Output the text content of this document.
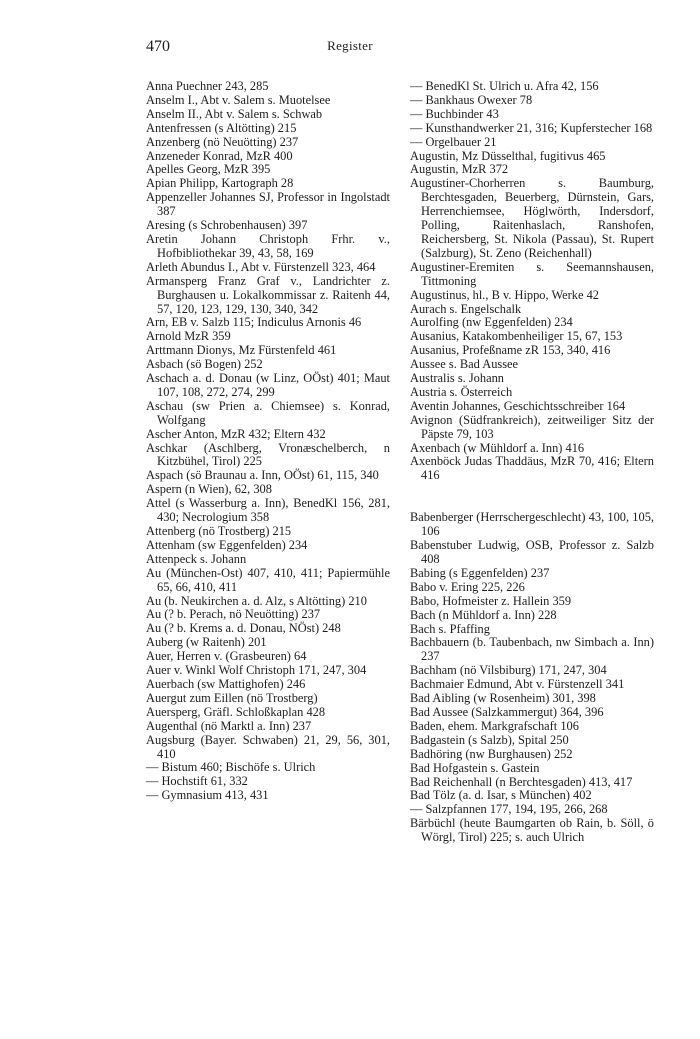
470	Register
Anna Puechner 243, 285
Anselm I., Abt v. Salem s. Muotelsee
Anselm II., Abt v. Salem s. Schwab
Antenfressen (s Altötting) 215
Anzenberg (nö Neuötting) 237
Anzeneder Konrad, MzR 400
Apelles Georg, MzR 395
Apian Philipp, Kartograph 28
Appenzeller Johannes SJ, Professor in Ingolstadt 387
Aresing (s Schrobenhausen) 397
Aretin Johann Christoph Frhr. v., Hofbibliothekar 39, 43, 58, 169
Arleth Abundus I., Abt v. Fürstenzell 323, 464
Armansperg Franz Graf v., Landrichter z. Burghausen u. Lokalkommissar z. Raitenh 44, 57, 120, 123, 129, 130, 340, 342
Arn, EB v. Salzb 115; Indiculus Arnonis 46
Arnold MzR 359
Arttmann Dionys, Mz Fürstenfeld 461
Asbach (sö Bogen) 252
Aschach a. d. Donau (w Linz, OÖst) 401; Maut 107, 108, 272, 274, 299
Aschau (sw Prien a. Chiemsee) s. Konrad, Wolfgang
Ascher Anton, MzR 432; Eltern 432
Aschkar (Aschlberg, Vronæschelberch, n Kitzbühel, Tirol) 225
Aspach (sö Braunau a. Inn, OÖst) 61, 115, 340
Aspern (n Wien), 62, 308
Attel (s Wasserburg a. Inn), BenedKl 156, 281, 430; Necrologium 358
Attenberg (nö Trostberg) 215
Attenham (sw Eggenfelden) 234
Attenpeck s. Johann
Au (München-Ost) 407, 410, 411; Papiermühle 65, 66, 410, 411
Au (b. Neukirchen a. d. Alz, s Altötting) 210
Au (? b. Perach, nö Neuötting) 237
Au (? b. Krems a. d. Donau, NÖst) 248
Auberg (w Raitenh) 201
Auer, Herren v. (Grasbeuren) 64
Auer v. Winkl Wolf Christoph 171, 247, 304
Auerbach (sw Mattighofen) 246
Auergut zum Eillen (nö Trostberg)
Auersperg, Gräfl. Schloßkaplan 428
Augenthal (nö Marktl a. Inn) 237
Augsburg (Bayer. Schwaben) 21, 29, 56, 301, 410
— Bistum 460; Bischöfe s. Ulrich
— Hochstift 61, 332
— Gymnasium 413, 431
— BenedKl St. Ulrich u. Afra 42, 156
— Bankhaus Owexer 78
— Buchbinder 43
— Kunsthandwerker 21, 316; Kupferstecher 168
— Orgelbauer 21
Augustin, Mz Düsselthal, fugitivus 465
Augustin, MzR 372
Augustiner-Chorherren s. Baumburg, Berchtesgaden, Beuerberg, Dürnstein, Gars, Herrenchiemsee, Höglwörth, Indersdorf, Polling, Raitenhaslach, Ranshofen, Reichersberg, St. Nikola (Passau), St. Rupert (Salzburg), St. Zeno (Reichenhall)
Augustiner-Eremiten s. Seemannshausen, Tittmoning
Augustinus, hl., B v. Hippo, Werke 42
Aurach s. Engelschalk
Aurolfing (nw Eggenfelden) 234
Ausanius, Katakombenheiliger 15, 67, 153
Ausanius, Profeßname zR 153, 340, 416
Aussee s. Bad Aussee
Australis s. Johann
Austria s. Österreich
Aventin Johannes, Geschichtsschreiber 164
Avignon (Südfrankreich), zeitweiliger Sitz der Päpste 79, 103
Axenbach (w Mühldorf a. Inn) 416
Axenböck Judas Thaddäus, MzR 70, 416; Eltern 416
Babenberger (Herrschergeschlecht) 43, 100, 105, 106
Babenstuber Ludwig, OSB, Professor z. Salzb 408
Babing (s Eggenfelden) 237
Babo v. Ering 225, 226
Babo, Hofmeister z. Hallein 359
Bach (n Mühldorf a. Inn) 228
Bach s. Pfaffing
Bachbauern (b. Taubenbach, nw Simbach a. Inn) 237
Bachham (nö Vilsbiburg) 171, 247, 304
Bachmaier Edmund, Abt v. Fürstenzell 341
Bad Aibling (w Rosenheim) 301, 398
Bad Aussee (Salzkammergut) 364, 396
Baden, ehem. Markgrafschaft 106
Badgastein (s Salzb), Spital 250
Badhöring (nw Burghausen) 252
Bad Hofgastein s. Gastein
Bad Reichenhall (n Berchtesgaden) 413, 417
Bad Tölz (a. d. Isar, s München) 402
— Salzpfannen 177, 194, 195, 266, 268
Bärbüchl (heute Baumgarten ob Rain, b. Söll, ö Wörgl, Tirol) 225; s. auch Ulrich
